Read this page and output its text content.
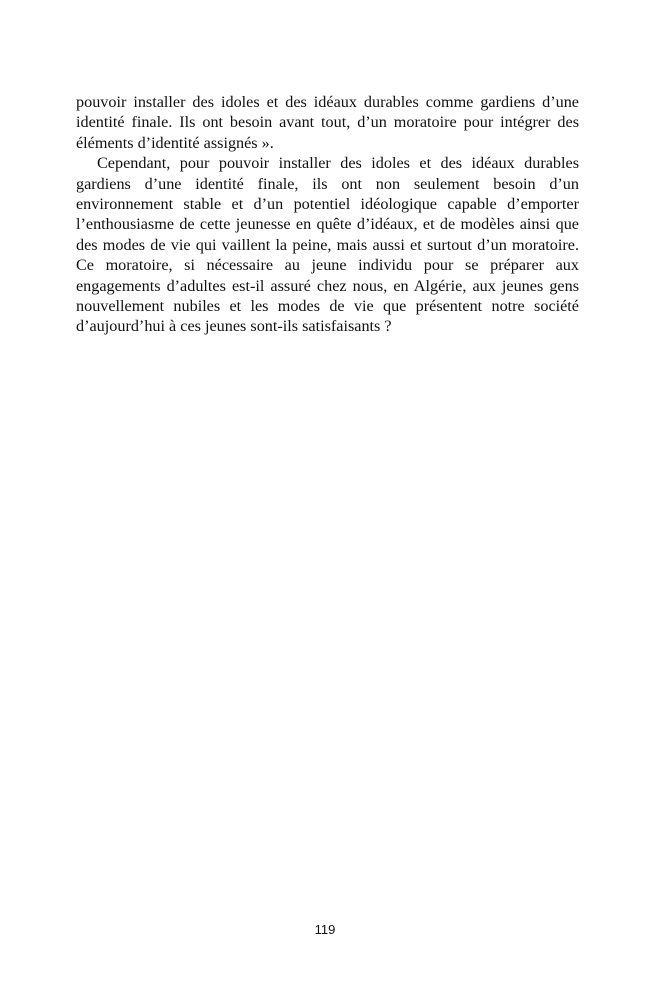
pouvoir installer des idoles et des idéaux durables comme gardiens d’une identité finale. Ils ont besoin avant tout, d’un moratoire pour intégrer des éléments d’identité assignés ».

Cependant, pour pouvoir installer des idoles et des idéaux durables gardiens d’une identité finale, ils ont non seulement besoin d’un environnement stable et d’un potentiel idéologique capable d’emporter l’enthousiasme de cette jeunesse en quête d’idéaux, et de modèles ainsi que des modes de vie qui vaillent la peine, mais aussi et surtout d’un moratoire. Ce moratoire, si nécessaire au jeune individu pour se préparer aux engagements d’adultes est-il assuré chez nous, en Algérie, aux jeunes gens nouvellement nubiles et les modes de vie que présentent notre société d’aujourd’hui à ces jeunes sont-ils satisfaisants ?

119
